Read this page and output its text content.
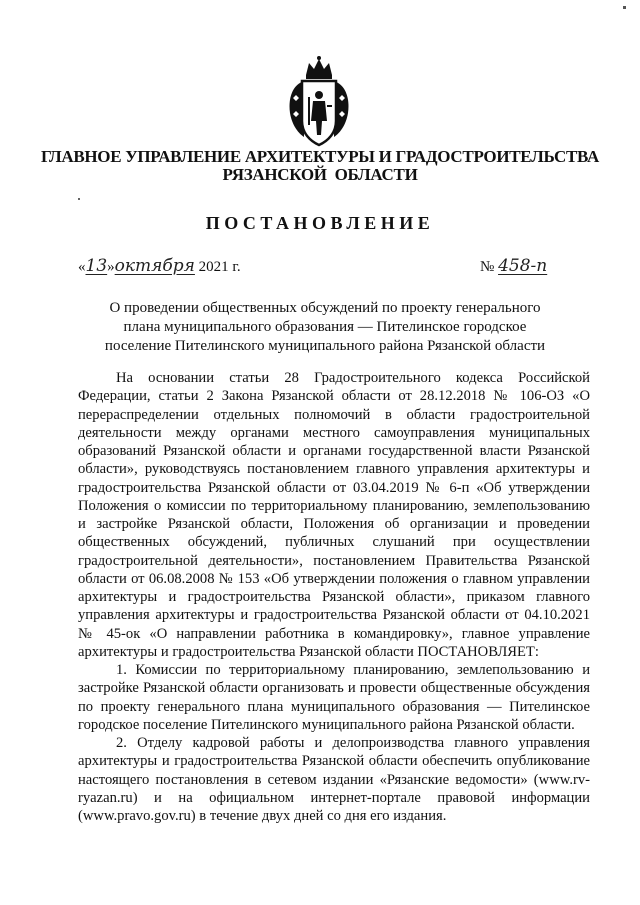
ГЛАВНОЕ УПРАВЛЕНИЕ АРХИТЕКТУРЫ И ГРАДОСТРОИТЕЛЬСТВА
РЯЗАНСКОЙ  ОБЛАСТИ
ПОСТАНОВЛЕНИЕ
«13»октября 2021 г.	№ 458-п
О проведении общественных обсуждений по проекту генерального плана муниципального образования — Пителинское городское поселение Пителинского муниципального района Рязанской области

На основании статьи 28 Градостроительного кодекса Российской Федерации, статьи 2 Закона Рязанской области от 28.12.2018 № 106-ОЗ «О перераспределении отдельных полномочий в области градостроительной деятельности между органами местного самоуправления муниципальных образований Рязанской области и органами государственной власти Рязанской области», руководствуясь постановлением главного управления архитектуры и градостроительства Рязанской области от 03.04.2019 № 6-п «Об утверждении Положения о комиссии по территориальному планированию, землепользованию и застройке Рязанской области, Положения об организации и проведении общественных обсуждений, публичных слушаний при осуществлении градостроительной деятельности», постановлением Правительства Рязанской области от 06.08.2008 № 153 «Об утверждении положения о главном управлении архитектуры и градостроительства Рязанской области», приказом главного управления архитектуры и градостроительства Рязанской области от 04.10.2021 № 45-ок «О направлении работника в командировку», главное управление архитектуры и градостроительства Рязанской области ПОСТАНОВЛЯЕТ:

1. Комиссии по территориальному планированию, землепользованию и застройке Рязанской области организовать и провести общественные обсуждения по проекту генерального плана муниципального образования — Пителинское городское поселение Пителинского муниципального района Рязанской области.

2. Отделу кадровой работы и делопроизводства главного управления архитектуры и градостроительства Рязанской области обеспечить опубликование настоящего постановления в сетевом издании «Рязанские ведомости» (www.rv-ryazan.ru) и на официальном интернет-портале правовой информации (www.pravo.gov.ru) в течение двух дней со дня его издания.
